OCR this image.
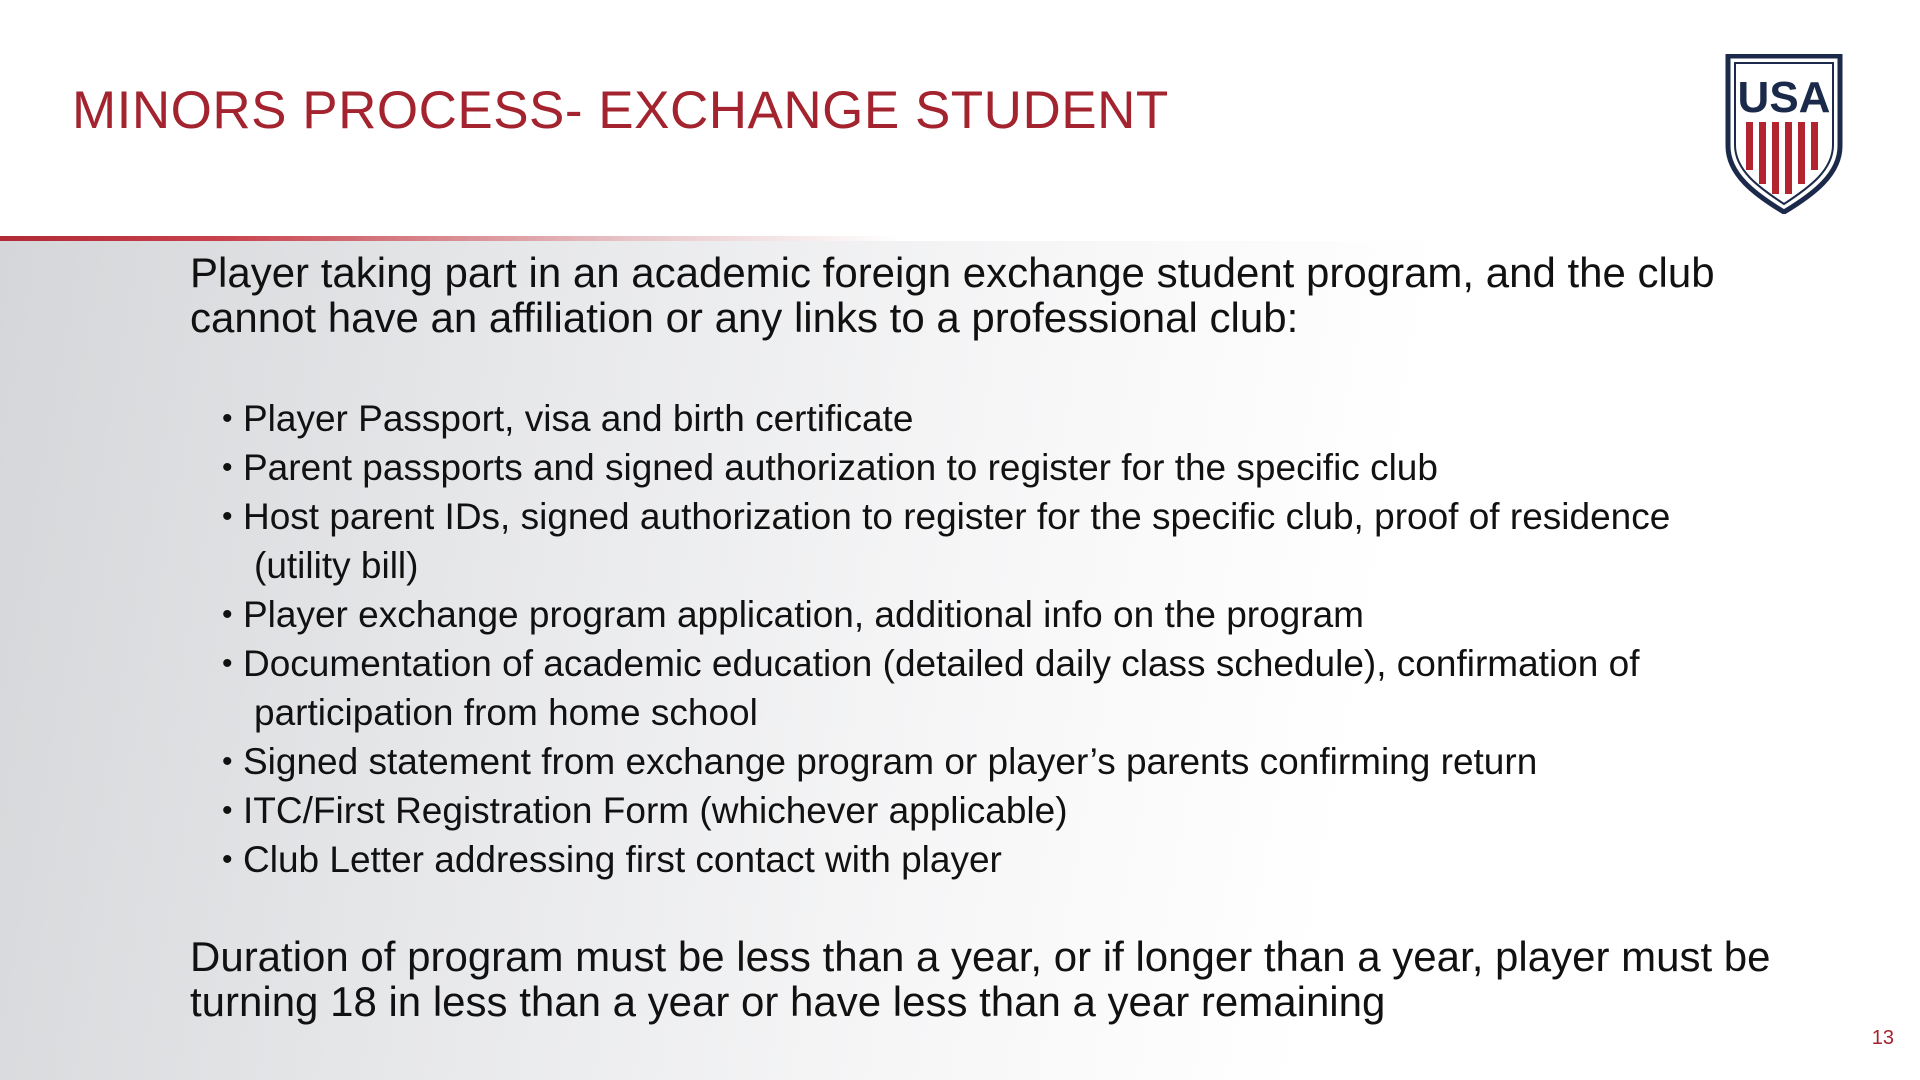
MINORS PROCESS- EXCHANGE STUDENT	USA

Player taking part in an academic foreign exchange student program, and the club cannot have an affiliation or any links to a professional club:

• Player Passport, visa and birth certificate
• Parent passports and signed authorization to register for the specific club
• Host parent IDs, signed authorization to register for the specific club, proof of residence (utility bill)
• Player exchange program application, additional info on the program
• Documentation of academic education (detailed daily class schedule), confirmation of participation from home school
• Signed statement from exchange program or player’s parents confirming return
• ITC/First Registration Form (whichever applicable)
• Club Letter addressing first contact with player

Duration of program must be less than a year, or if longer than a year, player must be turning 18 in less than a year or have less than a year remaining

13
